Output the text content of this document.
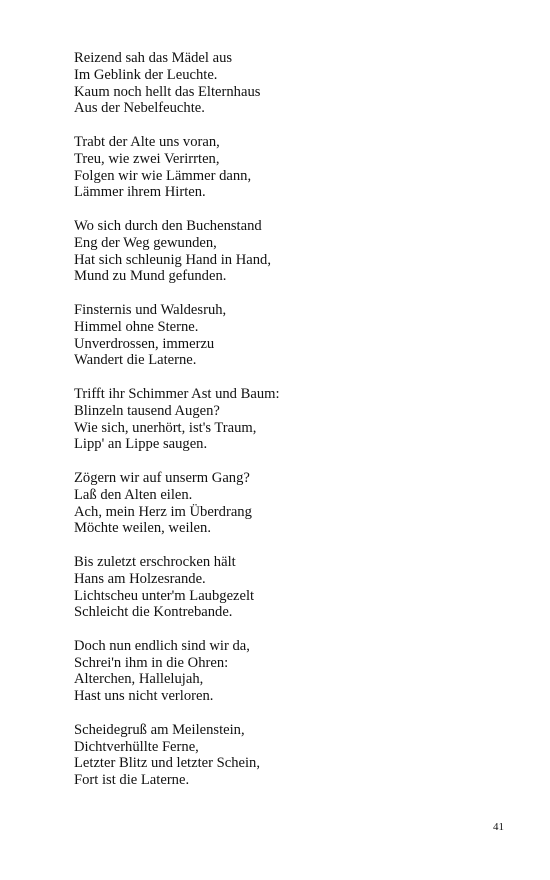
Reizend sah das Mädel aus
Im Geblink der Leuchte.
Kaum noch hellt das Elternhaus
Aus der Nebelfeuchte.
Trabt der Alte uns voran,
Treu, wie zwei Verirrten,
Folgen wir wie Lämmer dann,
Lämmer ihrem Hirten.
Wo sich durch den Buchenstand
Eng der Weg gewunden,
Hat sich schleunig Hand in Hand,
Mund zu Mund gefunden.
Finsternis und Waldesruh,
Himmel ohne Sterne.
Unverdrossen, immerzu
Wandert die Laterne.
Trifft ihr Schimmer Ast und Baum:
Blinzeln tausend Augen?
Wie sich, unerhört, ist's Traum,
Lipp' an Lippe saugen.
Zögern wir auf unserm Gang?
Laß den Alten eilen.
Ach, mein Herz im Überdrang
Möchte weilen, weilen.
Bis zuletzt erschrocken hält
Hans am Holzesrande.
Lichtscheu unter'm Laubgezelt
Schleicht die Kontrebande.
Doch nun endlich sind wir da,
Schrei'n ihm in die Ohren:
Alterchen, Hallelujah,
Hast uns nicht verloren.
Scheidegruß am Meilenstein,
Dichtverhüllte Ferne,
Letzter Blitz und letzter Schein,
Fort ist die Laterne.
41
